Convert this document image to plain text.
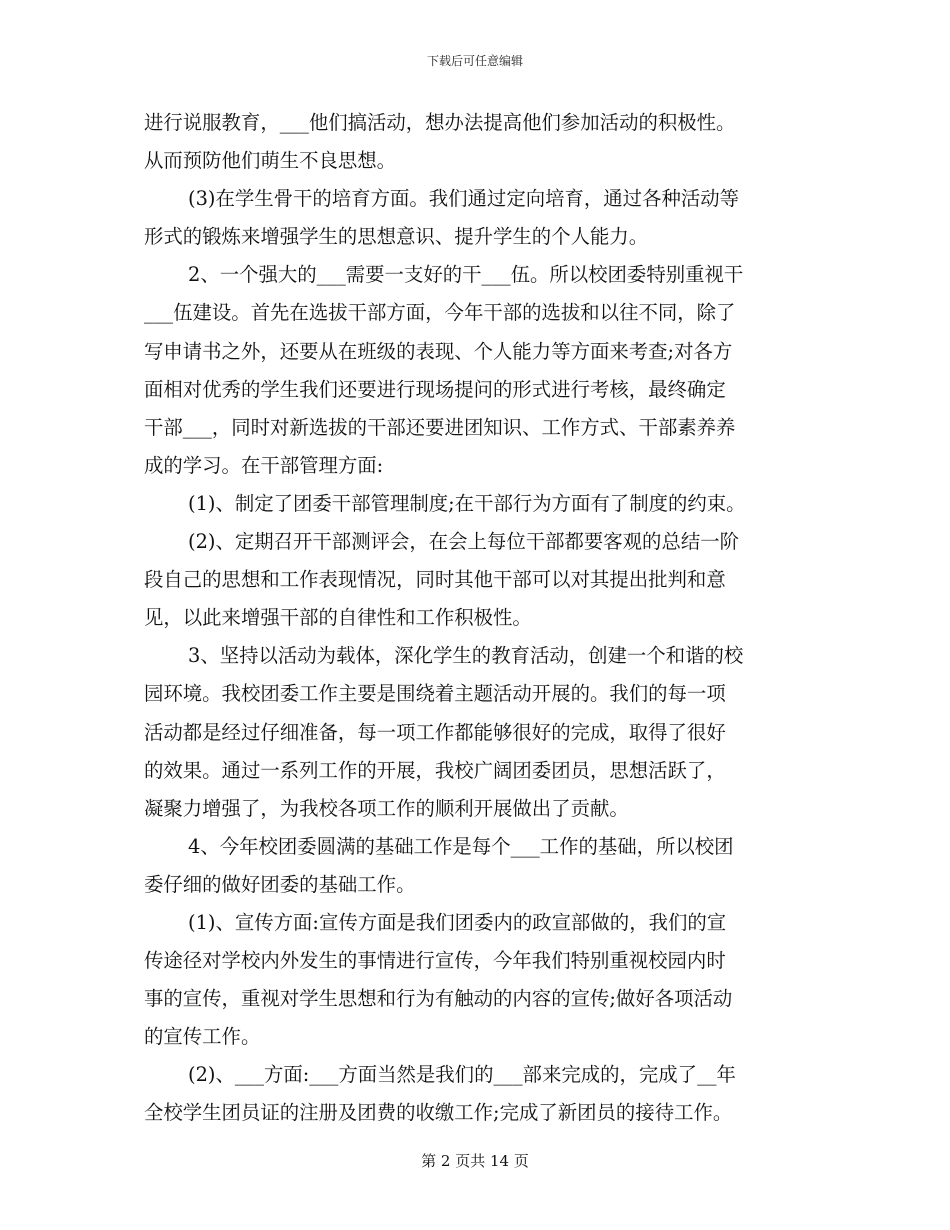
下载后可任意编辑
进行说服教育，___他们搞活动，想办法提高他们参加活动的积极性。
从而预防他们萌生不良思想。
(3)在学生骨干的培育方面。我们通过定向培育，通过各种活动等
形式的锻炼来增强学生的思想意识、提升学生的个人能力。
2、一个强大的___需要一支好的干___伍。所以校团委特别重视干
___伍建设。首先在选拔干部方面，今年干部的选拔和以往不同，除了
写申请书之外，还要从在班级的表现、个人能力等方面来考查;对各方
面相对优秀的学生我们还要进行现场提问的形式进行考核，最终确定
干部___，同时对新选拔的干部还要进团知识、工作方式、干部素养养
成的学习。在干部管理方面:
(1)、制定了团委干部管理制度;在干部行为方面有了制度的约束。
(2)、定期召开干部测评会，在会上每位干部都要客观的总结一阶
段自己的思想和工作表现情况，同时其他干部可以对其提出批判和意
见，以此来增强干部的自律性和工作积极性。
3、坚持以活动为载体，深化学生的教育活动，创建一个和谐的校
园环境。我校团委工作主要是围绕着主题活动开展的。我们的每一项
活动都是经过仔细准备，每一项工作都能够很好的完成，取得了很好
的效果。通过一系列工作的开展，我校广阔团委团员，思想活跃了，
凝聚力增强了，为我校各项工作的顺利开展做出了贡献。
4、今年校团委圆满的基础工作是每个___工作的基础，所以校团
委仔细的做好团委的基础工作。
(1)、宣传方面:宣传方面是我们团委内的政宣部做的，我们的宣
传途径对学校内外发生的事情进行宣传，今年我们特别重视校园内时
事的宣传，重视对学生思想和行为有触动的内容的宣传;做好各项活动
的宣传工作。
(2)、___方面:___方面当然是我们的___部来完成的，完成了__年
全校学生团员证的注册及团费的收缴工作;完成了新团员的接待工作。
第 2 页共 14 页
